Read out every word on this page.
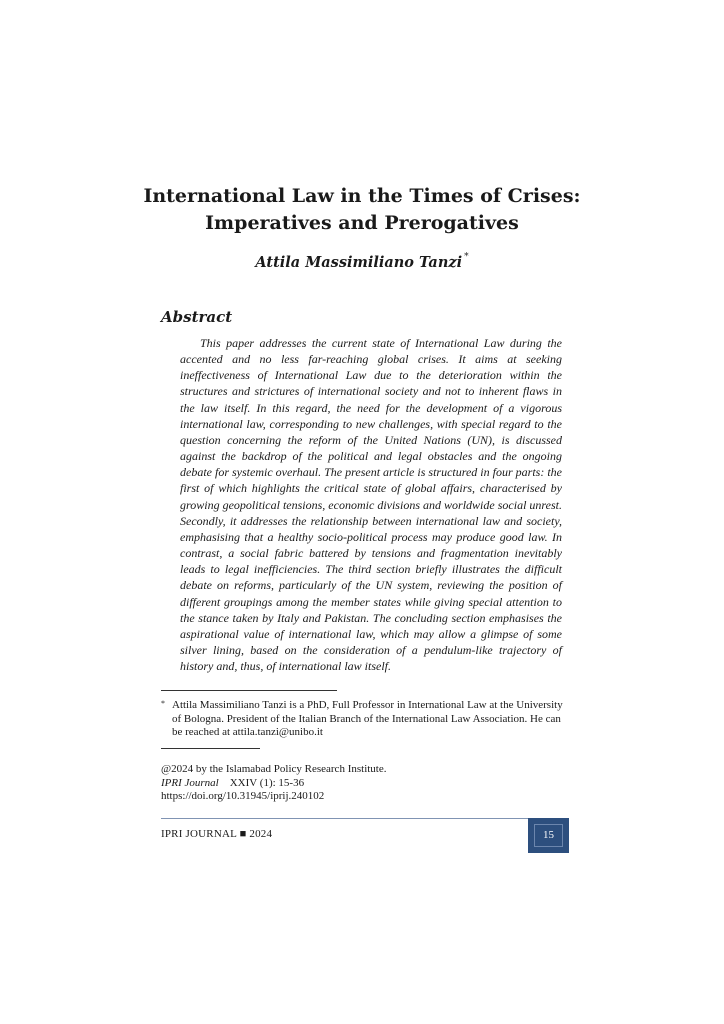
International Law in the Times of Crises:
Imperatives and Prerogatives

Attila Massimiliano Tanzi *

Abstract

This paper addresses the current state of International Law during the accented and no less far-reaching global crises. It aims at seeking ineffectiveness of International Law due to the deterioration within the structures and strictures of international society and not to inherent flaws in the law itself. In this regard, the need for the development of a vigorous international law, corresponding to new challenges, with special regard to the question concerning the reform of the United Nations (UN), is discussed against the backdrop of the political and legal obstacles and the ongoing debate for systemic overhaul. The present article is structured in four parts: the first of which highlights the critical state of global affairs, characterised by growing geopolitical tensions, economic divisions and worldwide social unrest. Secondly, it addresses the relationship between international law and society, emphasising that a healthy socio-political process may produce good law. In contrast, a social fabric battered by tensions and fragmentation inevitably leads to legal inefficiencies. The third section briefly illustrates the difficult debate on reforms, particularly of the UN system, reviewing the position of different groupings among the member states while giving special attention to the stance taken by Italy and Pakistan. The concluding section emphasises the aspirational value of international law, which may allow a glimpse of some silver lining, based on the consideration of a pendulum-like trajectory of history and, thus, of international law itself.

* Attila Massimiliano Tanzi is a PhD, Full Professor in International Law at the University of Bologna. President of the Italian Branch of the International Law Association. He can be reached at attila.tanzi@unibo.it
@2024 by the Islamabad Policy Research Institute.
IPRI Journal XXIV (1): 15-36
https://doi.org/10.31945/iprij.240102
IPRI JOURNAL ■ 2024	15
